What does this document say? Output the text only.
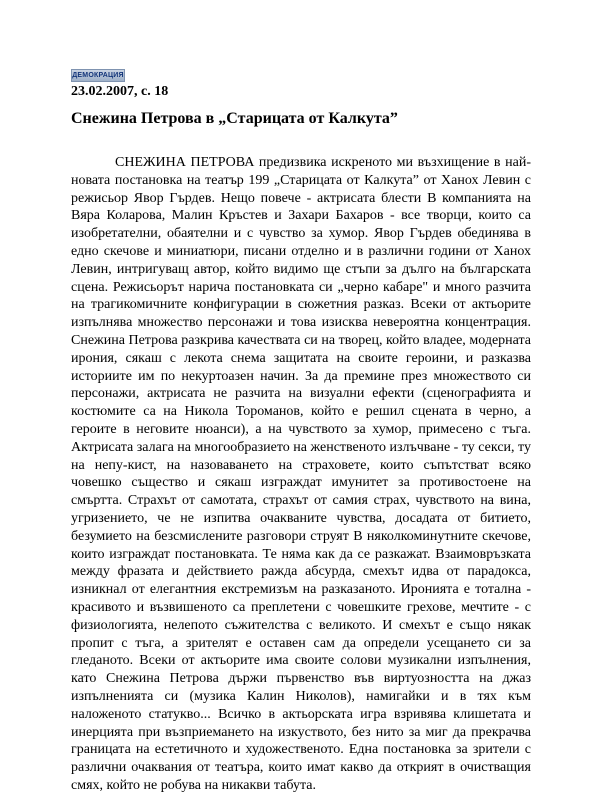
ДЕМОКРАЦИЯ
23.02.2007, с. 18
Снежина Петрова в „Старицата от Калкута”

СНЕЖИНА ПЕТРОВА предизвика искреното ми възхищение в най-новата постановка на театър 199 „Старицата от Калкута” от Ханох Левин с режисьор Явор Гърдев. Нещо повече - актрисата блести В компанията на Вяра Коларова, Малин Кръстев и Захари Бахаров - все творци, които са изобретателни, обаятелни и с чувство за хумор. Явор Гърдев обединява в едно скечове и миниатюри, писани отделно и в различни години от Ханох Левин, интригуващ автор, който видимо ще стъпи за дълго на българската сцена. Режисьорът нарича постановката си „черно кабаре" и много разчита на трагикомичните конфигурации в сюжетния разказ. Всеки от актьорите изпълнява множество персонажи и това изисква невероятна концентрация. Снежина Петрова разкрива качествата си на творец, който владее, модерната ирония, сякаш с лекота снема защитата на своите героини, и разказва историите им по некуртоазен начин. За да премине през множеството си персонажи, актрисата не разчита на визуални ефекти (сценографията и костюмите са на Никола Тороманов, който е решил сцената в черно, а героите в неговите нюанси), а на чувството за хумор, примесено с тъга. Актрисата залага на многообразието на женственото излъчване - ту секси, ту на непу-кист, на назоваването на страховете, които съпътстват всяко човешко същество и сякаш изграждат имунитет за противостоене на смъртта. Страхът от самотата, страхът от самия страх, чувството на вина, угризението, че не изпитва очакваните чувства, досадата от битието, безумието на безсмислените разговори струят В няколкоминутните скечове, които изграждат постановката. Те няма как да се разкажат. Взаимовръзката между фразата и действието ражда абсурда, смехът идва от парадокса, изникнал от елегантния екстремизъм на разказаното. Иронията е тотална - красивото и възвишеното са преплетени с човешките грехове, мечтите - с физиологията, нелепото съжителства с великото. И смехът е също някак пропит с тъга, а зрителят е оставен сам да определи усещането си за гледаното. Всеки от актьорите има своите солови музикални изпълнения, като Снежина Петрова държи първенство във виртуозността на джаз изпълненията си (музика Калин Николов), намигайки и в тях към наложеното статукво... Всичко в актьорската игра взривява клишетата и инерцията при възприемането на изкуството, без нито за миг да прекрачва границата на естетичното и художественото. Една постановка за зрители с различни очаквания от театъра, които имат какво да открият в очистващия смях, който не робува на никакви табута.
